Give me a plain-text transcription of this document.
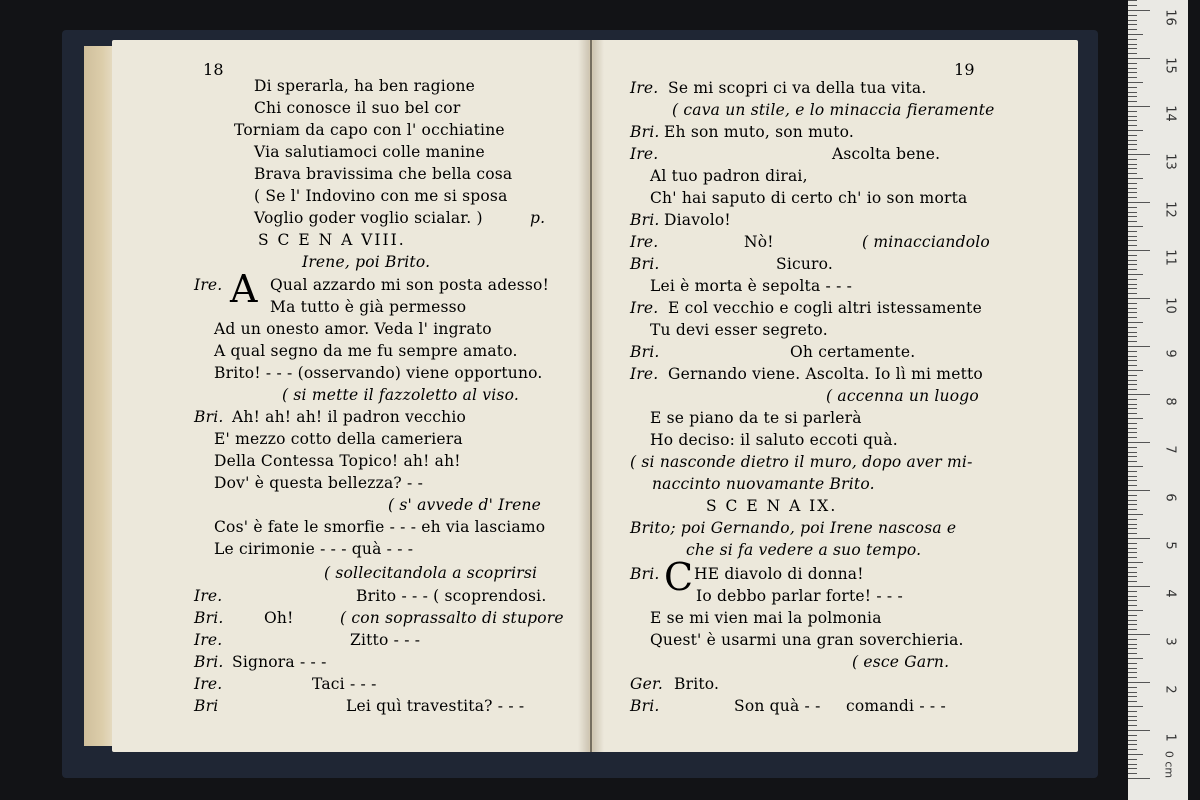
18
Di sperarla, ha ben ragione
Chi conosce il suo bel cor
Torniam da capo con l' occhiatine
Via salutiamoci colle manine
Brava bravissima che bella cosa
( Se l' Indovino con me si sposa
Voglio goder voglio scialar. )	p.
S C E N A VIII.
Irene, poi Brito.
Ire. A Qual azzardo mi son posta adesso!
Ma tutto è già permesso
Ad un onesto amor. Veda l' ingrato
A qual segno da me fu sempre amato.
Brito! - - - (osservando) viene opportuno.
( si mette il fazzoletto al viso.
Bri. Ah! ah! ah! il padron vecchio
E' mezzo cotto della cameriera
Della Contessa Topico! ah! ah!
Dov' è questa bellezza? - -
( s' avvede d' Irene
Cos' è fate le smorfie - - - eh via lasciamo
Le cirimonie - - - quà - - -
( sollecitandola a scoprirsi
Ire.	Brito - - - ( scoprendosi.
Bri.	Oh!	( con soprassalto di stupore
Ire.	Zitto - - -
Bri. Signora - - -
Ire.	Taci - - -
Bri	Lei quì travestita? - - -
19
Ire. Se mi scopri ci va della tua vita.
( cava un stile, e lo minaccia fieramente
Bri. Eh son muto, son muto.
Ire.	Ascolta bene.
Al tuo padron dirai,
Ch' hai saputo di certo ch' io son morta
Bri. Diavolo!
Ire.	Nò!	( minacciandolo
Bri.	Sicuro.
Lei è morta è sepolta - - -
Ire. E col vecchio e cogli altri istessamente
Tu devi esser segreto.
Bri.	Oh certamente.
Ire. Gernando viene. Ascolta. Io lì mi metto
( accenna un luogo
E se piano da te si parlerà
Ho deciso: il saluto eccoti quà.
( si nasconde dietro il muro, dopo aver mi-
naccinto nuovamante Brito.
S C E N A IX.
Brito; poi Gernando, poi Irene nascosa e
che si fa vedere a suo tempo.
Bri. C HE diavolo di donna!
Io debbo parlar forte! - - -
E se mi vien mai la polmonia
Quest' è usarmi una gran soverchieria.
( esce Garn.
Ger. Brito.
Bri.	Son quà - - comandi - - -
0 cm
1
2
3
4
5
6
7
8
9
10
11
12
13
14
15
16
